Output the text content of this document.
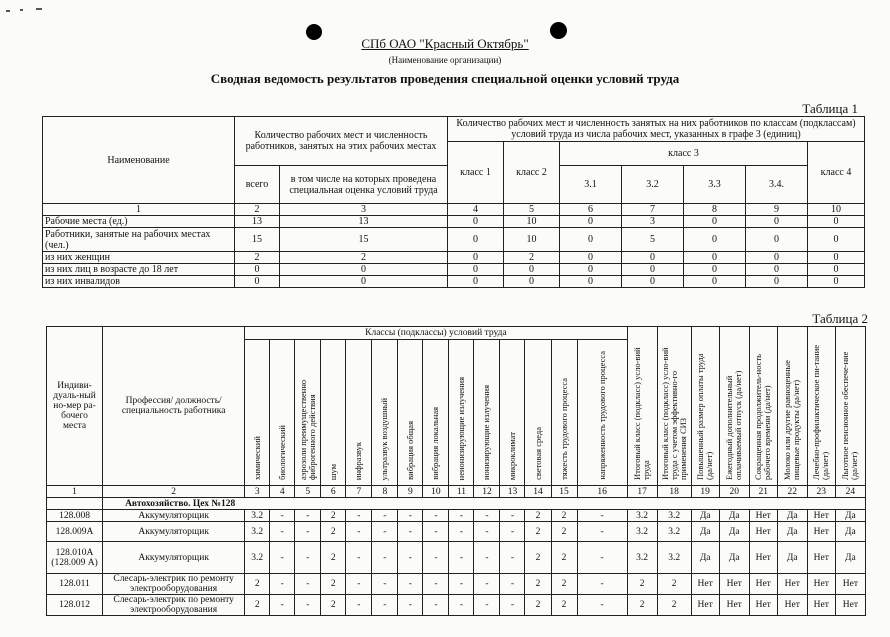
СПб ОАО "Красный Октябрь"
(Наименование организации)
Сводная ведомость результатов проведения специальной оценки условий труда
Таблица 1
Наименование	Количество рабочих мест и численность работников, занятых на этих рабочих местах		Количество рабочих мест и численность занятых на них работников по классам (подклассам) условий труда из числа рабочих мест, указанных в графе 3 (единиц)						
			класс 1	класс 2	класс 3				класс 4
	всего	в том числе на которых проведена специальная оценка условий труда			3.1	3.2	3.3	3.4.	
1	2	3	4	5	6	7	8	9	10
Рабочие места (ед.)	13	13	0	10	0	3	0	0	0
Работники, занятые на рабочих местах (чел.)	15	15	0	10	0	5	0	0	0
из них женщин	2	2	0	2	0	0	0	0	0
из них лиц в возрасте до 18 лет	0	0	0	0	0	0	0	0	0
из них инвалидов	0	0	0	0	0	0	0	0	0
Таблица 2
Индиви-дуаль-ный но-мер ра-бочего места	Профессия/ должность/ специальность работника	Классы (подклассы) условий труда														Итоговый класс (подкласс) усло-вий труда	Итоговый класс (подкласс) усло-вий труда с учетом эффективно-го применения СИЗ	Повышенный размер оплаты труда (да/нет)	Ежегодный дополнительный оплачиваемый отпуск (да/нет)	Сокращенная продолжитель-ность рабочего времени (да/нет)	Молоко или другие равноценные пищевые продукты (да/нет)	Лечебно-профилактическое пи-тание (да/нет)	Льготное пенсионное обеспече-ние (да/нет)
		химический	биологический	аэрозоли преимущественно фиброгенного действия	шум	инфразвук	ультразвук воздушный	вибрация общая	вибрация локальная	неионизирующие излучения	ионизирующие излучения	микроклимат	световая среда	тяжесть трудового процесса	напряженность трудового процесса								
1	2	3	4	5	6	7	8	9	10	11	12	13	14	15	16	17	18	19	20	21	22	23	24
	Автохозяйство. Цех №128																						
128.008	Аккумуляторщик	3.2	-	-	2	-	-	-	-	-	-	-	2	2	-	3.2	3.2	Да	Да	Нет	Да	Нет	Да
128.009А	Аккумуляторщик	3.2	-	-	2	-	-	-	-	-	-	-	2	2	-	3.2	3.2	Да	Да	Нет	Да	Нет	Да
128.010А (128.009 А)	Аккумуляторщик	3.2	-	-	2	-	-	-	-	-	-	-	2	2	-	3.2	3.2	Да	Да	Нет	Да	Нет	Да
128.011	Слесарь-электрик по ремонту электрооборудования	2	-	-	2	-	-	-	-	-	-	-	2	2	-	2	2	Нет	Нет	Нет	Нет	Нет	Нет
128.012	Слесарь-электрик по ремонту электрооборудования	2	-	-	2	-	-	-	-	-	-	-	2	2	-	2	2	Нет	Нет	Нет	Нет	Нет	Нет
